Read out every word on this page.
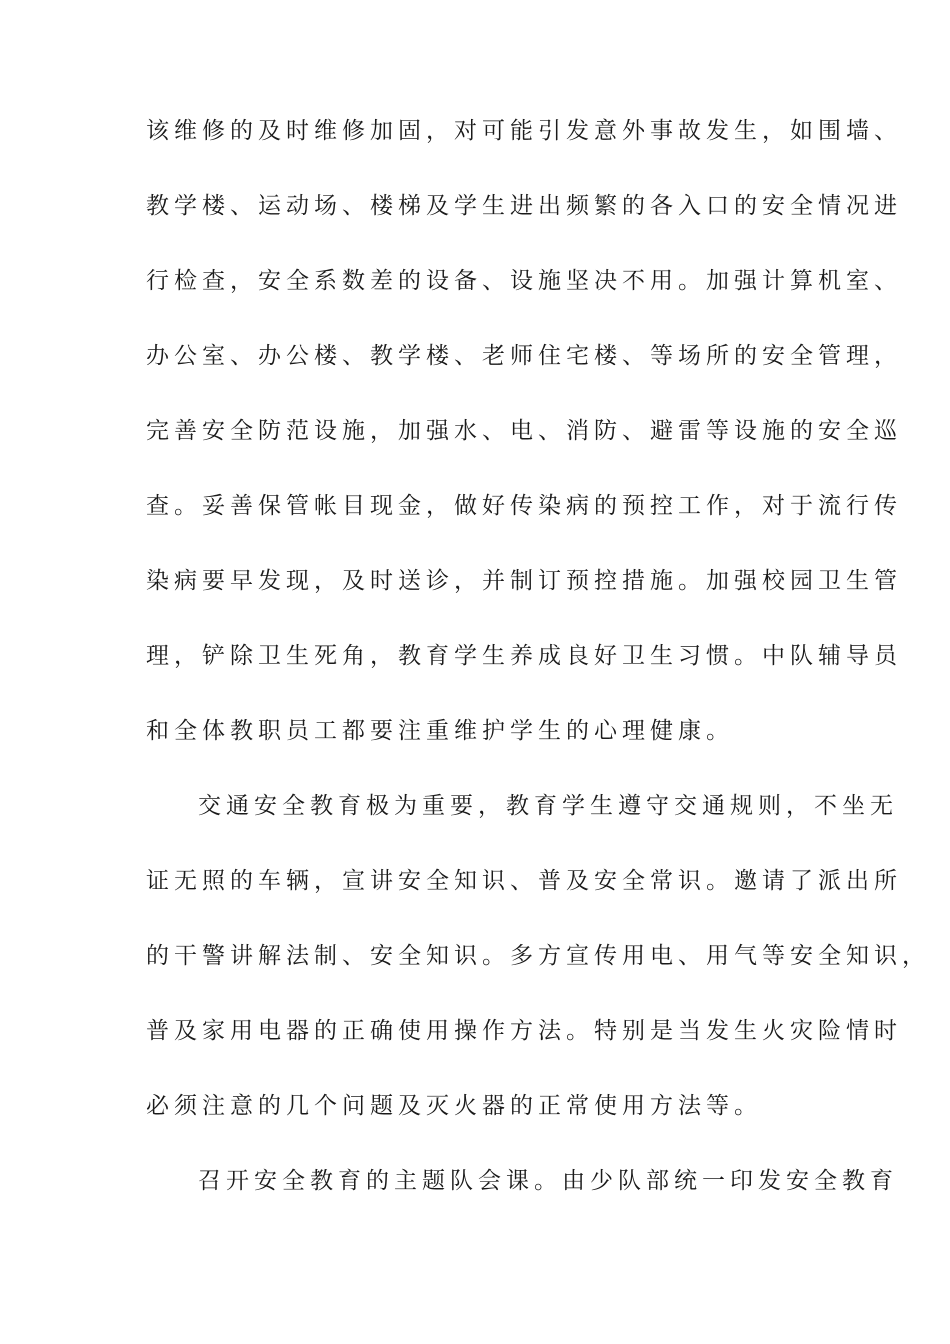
该维修的及时维修加固，对可能引发意外事故发生，如围墙、
教学楼、运动场、楼梯及学生进出频繁的各入口的安全情况进
行检查，安全系数差的设备、设施坚决不用。加强计算机室、
办公室、办公楼、教学楼、老师住宅楼、等场所的安全管理，
完善安全防范设施，加强水、电、消防、避雷等设施的安全巡
查。妥善保管帐目现金，做好传染病的预控工作，对于流行传
染病要早发现，及时送诊，并制订预控措施。加强校园卫生管
理，铲除卫生死角，教育学生养成良好卫生习惯。中队辅导员
和全体教职员工都要注重维护学生的心理健康。
交通安全教育极为重要，教育学生遵守交通规则，不坐无
证无照的车辆，宣讲安全知识、普及安全常识。邀请了派出所
的干警讲解法制、安全知识。多方宣传用电、用气等安全知识，
普及家用电器的正确使用操作方法。特别是当发生火灾险情时
必须注意的几个问题及灭火器的正常使用方法等。
召开安全教育的主题队会课。由少队部统一印发安全教育
